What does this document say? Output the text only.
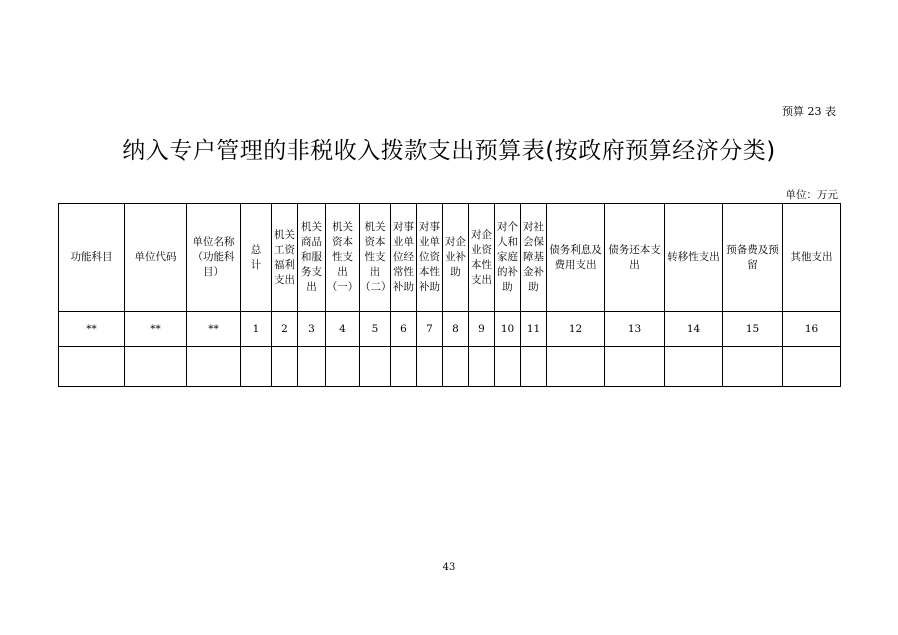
预算 23 表
纳入专户管理的非税收入拨款支出预算表(按政府预算经济分类)
单位：万元
功能科目	单位代码	单位名称
（功能科
目）	总
计	机关
工资
福利
支出	机关
商品
和服
务支
出	机关
资本
性支
出
（一）	机关
资本
性支
出
（二）	对事
业单
位经
常性
补助	对事
业单
位资
本性
补助	对企
业补
助	对企
业资
本性
支出	对个
人和
家庭
的补
助	对社
会保
障基
金补
助	债务利息及
费用支出	债务还本支
出	转移性支出	预备费及预
留	其他支出

**	**	**	1	2	3	4	5	6	7	8	9	10	11	12	13	14	15	16

43
